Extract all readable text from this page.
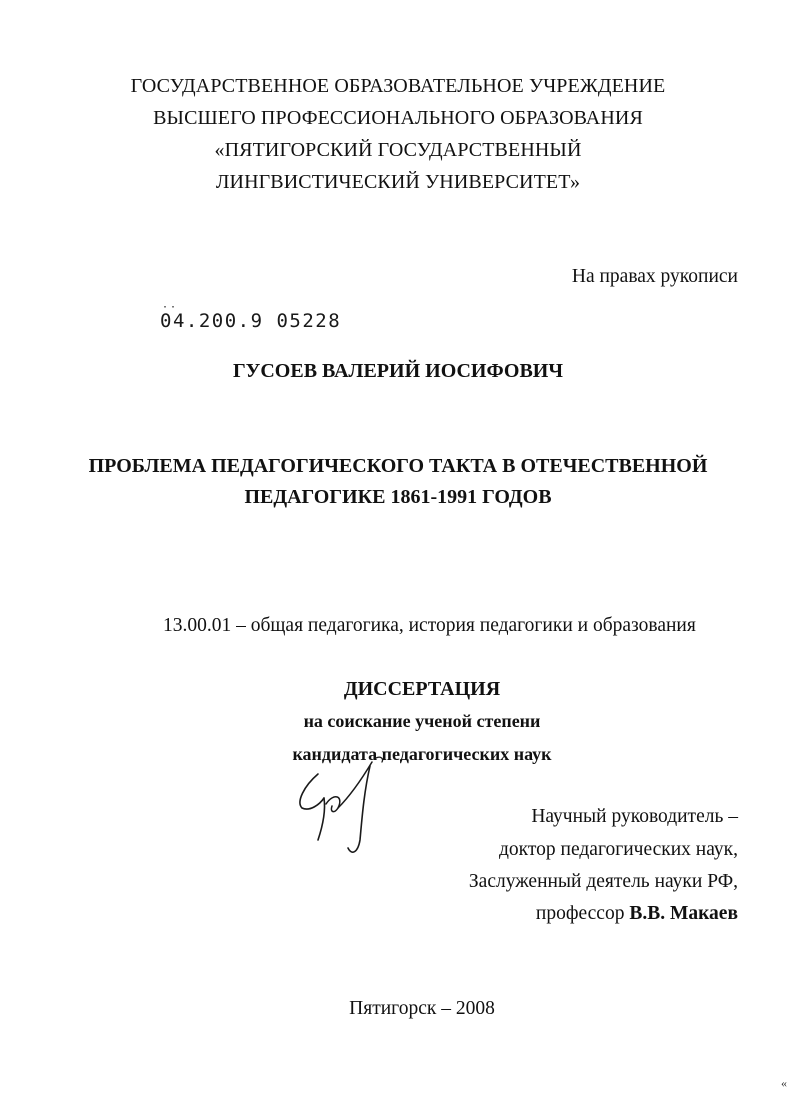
ГОСУДАРСТВЕННОЕ ОБРАЗОВАТЕЛЬНОЕ УЧРЕЖДЕНИЕ
ВЫСШЕГО ПРОФЕССИОНАЛЬНОГО ОБРАЗОВАНИЯ
«ПЯТИГОРСКИЙ ГОСУДАРСТВЕННЫЙ
ЛИНГВИСТИЧЕСКИЙ УНИВЕРСИТЕТ»
На правах рукописи
··
04.200.9 05228
ГУСОЕВ ВАЛЕРИЙ ИОСИФОВИЧ
ПРОБЛЕМА ПЕДАГОГИЧЕСКОГО ТАКТА В ОТЕЧЕСТВЕННОЙ
ПЕДАГОГИКЕ 1861-1991 ГОДОВ
13.00.01 – общая педагогика, история педагогики и образования
ДИССЕРТАЦИЯ
на соискание ученой степени
кандидата педагогических наук
Научный руководитель –
доктор педагогических наук,
Заслуженный деятель науки РФ,
профессор В.В. Макаев
Пятигорск – 2008
«
